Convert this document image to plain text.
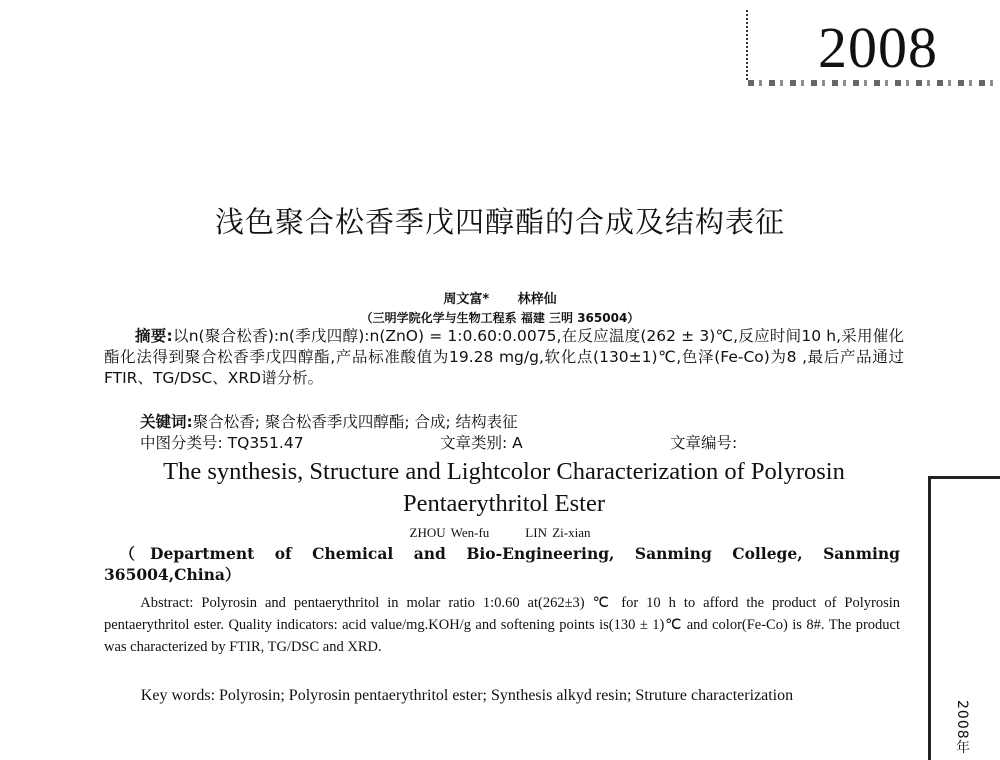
2008
浅色聚合松香季戊四醇酯的合成及结构表征
周文富* 林梓仙
（三明学院化学与生物工程系 福建 三明 365004）
摘要:以n(聚合松香):n(季戊四醇):n(ZnO) = 1:0.60:0.0075,在反应温度(262 ± 3)℃,反应时间10 h,采用催化酯化法得到聚合松香季戊四醇酯,产品标准酸值为19.28 mg/g,软化点(130±1)℃,色泽(Fe-Co)为8 ,最后产品通过FTIR、TG/DSC、XRD谱分析。
关键词:聚合松香; 聚合松香季戊四醇酯; 合成; 结构表征
中图分类号: TQ351.47	文章类别: A	文章编号:
The synthesis, Structure and Lightcolor Characterization of Polyrosin Pentaerythritol Ester
ZHOU Wen-fu	LIN Zi-xian
（Department of Chemical and Bio-Engineering, Sanming College, Sanming 365004,China）
Abstract: Polyrosin and pentaerythritol in molar ratio 1:0.60 at(262±3) ℃ for 10 h to afford the product of Polyrosin pentaerythritol ester. Quality indicators: acid value/mg.KOH/g and softening points is(130 ± 1)℃ and color(Fe-Co) is 8#. The product was characterized by FTIR, TG/DSC and XRD.
Key words: Polyrosin; Polyrosin pentaerythritol ester; Synthesis alkyd resin; Struture characterization
2008年
